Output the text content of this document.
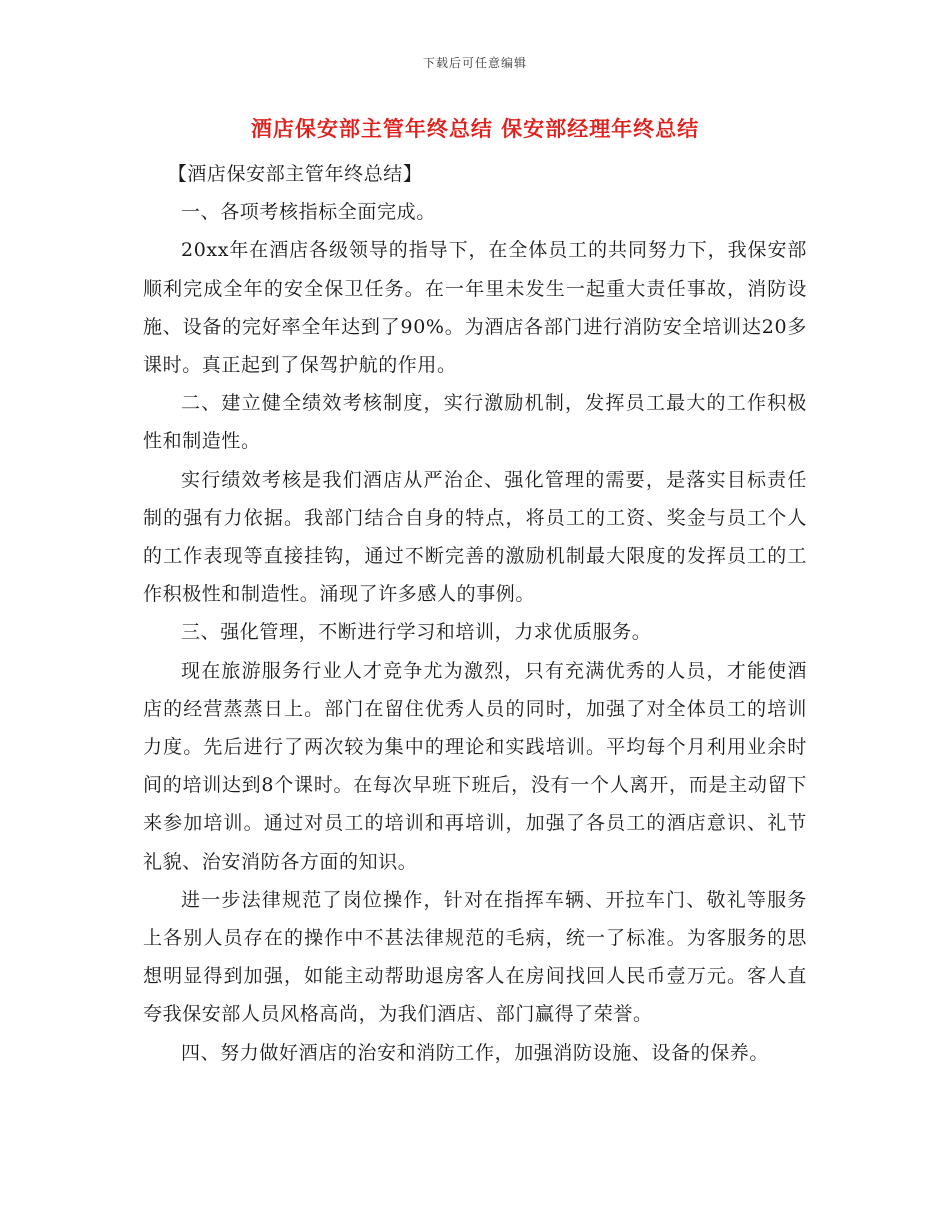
下载后可任意编辑
酒店保安部主管年终总结 保安部经理年终总结

【酒店保安部主管年终总结】

一、各项考核指标全面完成。

20xx年在酒店各级领导的指导下，在全体员工的共同努力下，我保安部顺利完成全年的安全保卫任务。在一年里未发生一起重大责任事故，消防设施、设备的完好率全年达到了90%。为酒店各部门进行消防安全培训达20多课时。真正起到了保驾护航的作用。

二、建立健全绩效考核制度，实行激励机制，发挥员工最大的工作积极性和制造性。

实行绩效考核是我们酒店从严治企、强化管理的需要，是落实目标责任制的强有力依据。我部门结合自身的特点，将员工的工资、奖金与员工个人的工作表现等直接挂钩，通过不断完善的激励机制最大限度的发挥员工的工作积极性和制造性。涌现了许多感人的事例。

三、强化管理，不断进行学习和培训，力求优质服务。

现在旅游服务行业人才竞争尤为激烈，只有充满优秀的人员，才能使酒店的经营蒸蒸日上。部门在留住优秀人员的同时，加强了对全体员工的培训力度。先后进行了两次较为集中的理论和实践培训。平均每个月利用业余时间的培训达到8个课时。在每次早班下班后，没有一个人离开，而是主动留下来参加培训。通过对员工的培训和再培训，加强了各员工的酒店意识、礼节礼貌、治安消防各方面的知识。

进一步法律规范了岗位操作，针对在指挥车辆、开拉车门、敬礼等服务上各别人员存在的操作中不甚法律规范的毛病，统一了标准。为客服务的思想明显得到加强，如能主动帮助退房客人在房间找回人民币壹万元。客人直夸我保安部人员风格高尚，为我们酒店、部门赢得了荣誉。

四、努力做好酒店的治安和消防工作，加强消防设施、设备的保养。
